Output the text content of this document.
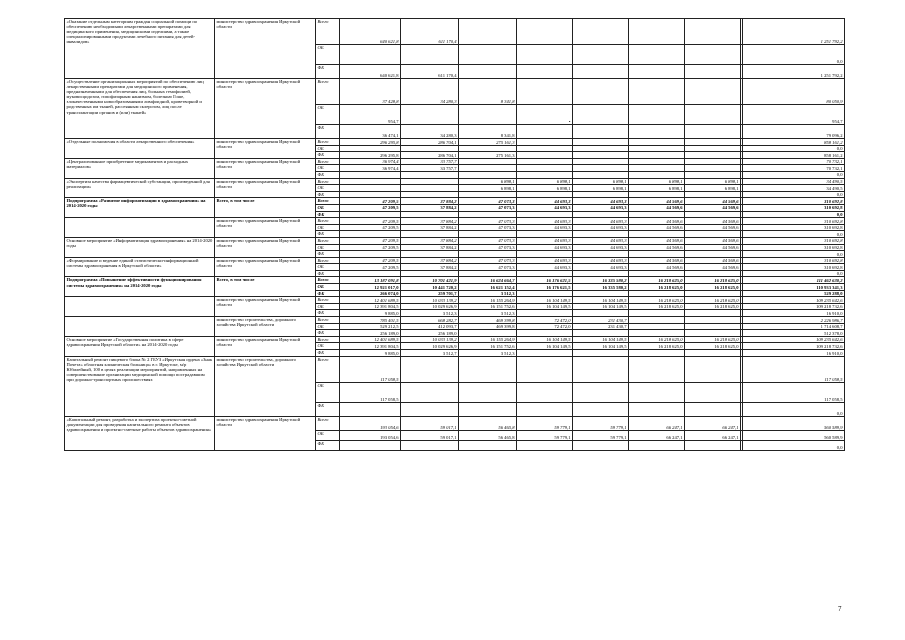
«Оказание отдельным категориям граждан социальной помощи по обеспечению необходимыми лекарственными препаратами для медицинского применения, медицинскими изделиями, а также специализированными продуктами лечебного питания для детей-инвалидов»	министерство здравоохранения Иркутской области	Всего	640 621,8	611 170,4							1 251 792,2
		ОБ									0,0
		ФБ	640 621,8	611 170,4							1 251 792,2
«Осуществление организационных мероприятий по обеспечению лиц лекарственными препаратами для медицинского применения, предназначенными для обеспечения лиц, больных гемофилией, муковисцидозом, гипофизарным нанизмом, болезнью Гоше, злокачественными новообразованиями лимфоидной, кроветворной и родственных им тканей, рассеянным склерозом, лиц после трансплантации органов и (или) тканей»	министерство здравоохранения Иркутской области	Всего	37 428,8	34 280,3	8 341,8						80 050,9
		ОБ	954,7			•					954,7
		ФБ	36 474,1	34 280,3	8 341,8						79 096,2
«Отдельные полномочия в области лекарственного обеспечения»	министерство здравоохранения Иркутской области	Всего	296 295,8	286 704,1	275 161,3						858 161,2
		ОБ									0,0
		ФБ	296 295,8	286 704,1	275 161,3						858 161,2
«Централизованное приобретение медикаментов и расходных материалов»	министерство здравоохранения Иркутской области	Всего	36 974,4	33 757,7							70 732,1
		ОБ	36 974,4	33 757,7							70 732,1
		ФБ									0,0
«Экспертиза качества фармацевтической субстанции, произведенной для реализации»	министерство здравоохранения Иркутской области	Всего			6 898,1	6 898,1	6 898,1	6 898,1	6 898,1		34 490,5
		ОБ			6 898,1	6 898,1	6 898,1	6 898,1	6 898,1		34 490,5
		ФБ									0,0
Подпрограмма «Развитие информатизации в здравоохранении» на 2014-2020 годы	Всего, в том числе	Всего	47 209,5	37 884,2	47 073,3	44 693,3	44 693,3	44 569,6	44 569,6		310 692,8
		ОБ	47 209,5	37 884,2	47 073,3	44 693,3	44 693,3	44 569,6	44 569,6		310 692,8
		ФБ									0,0
	министерство здравоохранения Иркутской области	Всего	47 209,5	37 884,2	47 073,3	44 693,3	44 693,3	44 569,6	44 569,6		310 692,8
		ОБ	47 209,5	37 884,2	47 073,3	44 693,3	44 693,3	44 569,6	44 569,6		310 692,8
		ФБ									0,0
Основное мероприятие «Информатизация здравоохранения» на 2014-2020 годы	министерство здравоохранения Иркутской области	Всего	47 209,5	37 884,2	47 073,3	44 693,3	44 693,3	44 569,6	44 569,6		310 692,8
		ОБ	47 209,5	37 884,2	47 073,3	44 693,3	44 693,3	44 569,6	44 569,6		310 692,8
		ФБ									0,0
«Формирование и ведение единой статистически-информационной системы здравоохранения в Иркутской области»	министерство здравоохранения Иркутской области	Всего	47 209,5	37 884,2	47 073,3	44 693,3	44 693,3	44 569,6	44 569,6		310 692,8
		ОБ	47 209,5	37 884,2	47 073,3	44 693,3	44 693,3	44 569,6	44 569,6		310 692,8
		ФБ									0,0
Подпрограмма «Повышение эффективности функционирования системы здравоохранения» на 2014-2020 годы	Всего, в том числе	Всего	13 187 091,8	10 701 421,9	16 624 664,7	16 176 621,5	16 335 580,2	16 218 625,0	16 218 625,0		111 462 630,2
		ОБ	12 921 017,0	10 441 720,2	16 621 152,4	16 176 621,5	16 335 580,2	16 218 625,0	16 218 625,0		110 933 341,3
		ФБ	266 074,0	259 701,7	3 512,3						529 288,0
	министерство здравоохранения Иркутской области	Всего	12 401 689,5	10 033 139,2	16 155 264,9	16 104 149,5	16 104 149,5	16 218 625,0	16 218 625,0		109 235 642,6
		ОБ	12 391 804,5	10 029 626,9	16 151 752,6	16 104 149,5	16 104 149,5	16 218 625,0	16 218 625,0		109 218 732,6
		ФБ	9 885,0	3 512,3	3 512,3						16 910,0
	министерство строительства, дорожного хозяйства Иркутской области	Всего	785 401,5	668 282,7	469 399,8	72 472,0	231 430,7				2 226 986,7
		ОБ	529 212,5	412 093,7	469 399,8	72 472,0	231 430,7				1 714 608,7
		ФБ	256 189,0	256 189,0							512 378,0
Основное мероприятие «Государственная политика в сфере здравоохранения Иркутской области» на 2014-2020 годы	министерство здравоохранения Иркутской области	Всего	12 401 689,5	10 033 139,2	16 155 264,9	16 104 149,5	16 104 149,5	16 218 625,0	16 218 625,0		109 235 642,6
		ОБ	12 391 804,5	10 029 626,9	16 151 752,6	16 104 149,5	16 104 149,5	16 218 625,0	16 218 625,0		109 218 732,6
		ФБ	9 885,0	3 512,7	3 512,3						16 910,0
Капитальный ремонт пищевого блока № 2 ГБУЗ «Иркутская ордена «Знак Почета» областная клиническая больница» в г. Иркутске, м/р Юбилейный, 100 в целях реализации мероприятий, направленных на совершенствование организации медицинской помощи пострадавшим при дорожно-транспортных происшествиях	министерство строительства, дорожного хозяйства Иркутской области	Всего	117 058,5								117 058,5
		ОБ	117 058,5								117 058,5
		ФБ									0,0
«Капитальный ремонт, разработка и экспертиза проектно-сметной документации для проведения капитального ремонта объектов здравоохранения и проектно-сметные работы объектов здравоохранения»	министерство здравоохранения Иркутской области	Всего	193 054,6	59 017,1	56 465,8	59 779,1	59 779,1	66 247,1	66 247,1		560 589,9
		ОБ	193 054,6	59 017,1	56 465,8	59 779,1	59 779,1	66 247,1	66 247,1		560 589,9
		ФБ									0,0
7
